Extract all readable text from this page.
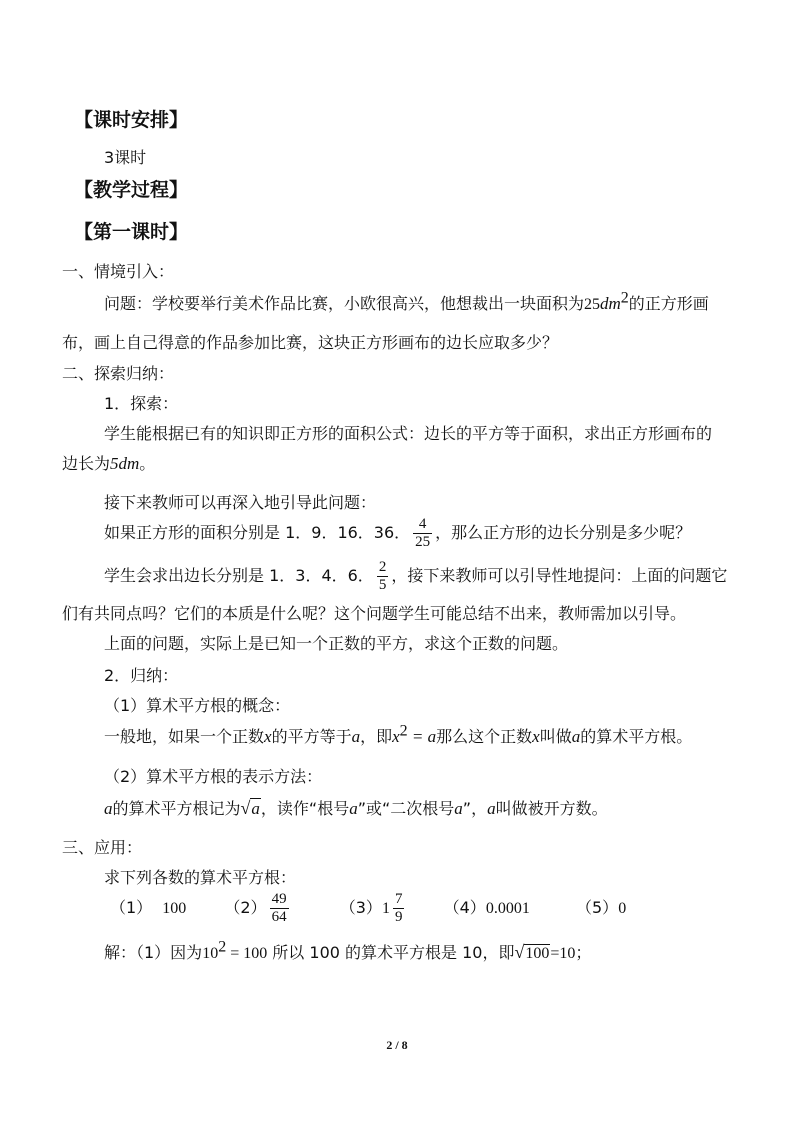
【课时安排】
3课时
【教学过程】
【第一课时】
一、情境引入：
问题：学校要举行美术作品比赛，小欧很高兴，他想裁出一块面积为$25dm^2$的正方形画
布，画上自己得意的作品参加比赛，这块正方形画布的边长应取多少？
二、探索归纳：
1．探索：
学生能根据已有的知识即正方形的面积公式：边长的平方等于面积，求出正方形画布的
边长为5dm。
接下来教师可以再深入地引导此问题：
如果正方形的面积分别是 1．9．16．36． $\frac{4}{25}$ ，那么正方形的边长分别是多少呢？
学生会求出边长分别是 1．3．4．6． $\frac{2}{5}$ ，接下来教师可以引导性地提问：上面的问题它
们有共同点吗？它们的本质是什么呢？这个问题学生可能总结不出来，教师需加以引导。
上面的问题，实际上是已知一个正数的平方，求这个正数的问题。
2．归纳：
（1）算术平方根的概念：
一般地，如果一个正数x的平方等于a，即$x^2 = a$那么这个正数x叫做a的算术平方根。
（2）算术平方根的表示方法：
a的算术平方根记为√a，读作“根号a”或“二次根号a”，a叫做被开方数。
三、应用：
求下列各数的算术平方根：
（1） 100 $(2) \frac{49}{64}$	$(3)1 \frac{7}{9} (4)0.0001$	（5）0
解：（1）因为$10^2 = 100$ 所以 100 的算术平方根是 10，即√100=10；
2 / 8
